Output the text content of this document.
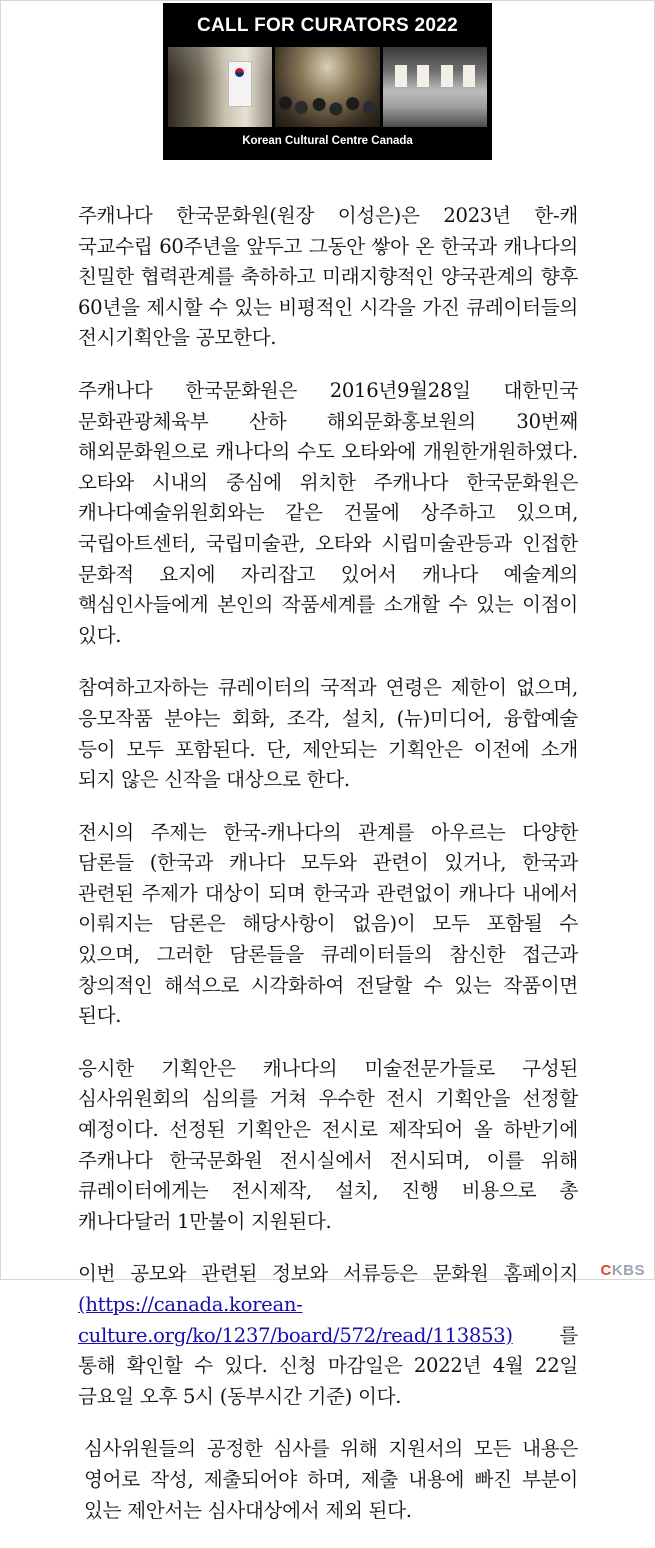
CALL FOR CURATORS 2022
Korean Cultural Centre Canada

주캐나다 한국문화원(원장 이성은)은 2023년 한-캐 국교수립 60주년을 앞두고 그동안 쌓아 온 한국과 캐나다의 친밀한 협력관계를 축하하고 미래지향적인 양국관계의 향후 60년을 제시할 수 있는 비평적인 시각을 가진 큐레이터들의 전시기획안을 공모한다.

주캐나다 한국문화원은 2016년9월28일 대한민국 문화관광체육부 산하 해외문화홍보원의 30번째 해외문화원으로 캐나다의 수도 오타와에 개원한개원하였다. 오타와 시내의 중심에 위치한 주캐나다 한국문화원은 캐나다예술위원회와는 같은 건물에 상주하고 있으며, 국립아트센터, 국립미술관, 오타와 시립미술관등과 인접한 문화적 요지에 자리잡고 있어서 캐나다 예술계의 핵심인사들에게 본인의 작품세계를 소개할 수 있는 이점이 있다.

참여하고자하는 큐레이터의 국적과 연령은 제한이 없으며, 응모작품 분야는 회화, 조각, 설치, (뉴)미디어, 융합예술 등이 모두 포함된다. 단, 제안되는 기획안은 이전에 소개 되지 않은 신작을 대상으로 한다.

전시의 주제는 한국-캐나다의 관계를 아우르는 다양한 담론들 (한국과 캐나다 모두와 관련이 있거나, 한국과 관련된 주제가 대상이 되며 한국과 관련없이 캐나다 내에서 이뤄지는 담론은 해당사항이 없음)이 모두 포함될 수 있으며, 그러한 담론들을 큐레이터들의 참신한 접근과 창의적인 해석으로 시각화하여 전달할 수 있는 작품이면 된다.

응시한 기획안은 캐나다의 미술전문가들로 구성된 심사위원회의 심의를 거쳐 우수한 전시 기획안을 선정할 예정이다. 선정된 기획안은 전시로 제작되어 올 하반기에 주캐나다 한국문화원 전시실에서 전시되며, 이를 위해 큐레이터에게는 전시제작, 설치, 진행 비용으로 총 캐나다달러 1만불이 지원된다.

이번 공모와 관련된 정보와 서류등은 문화원 홈페이지 (https://canada.korean-culture.org/ko/1237/board/572/read/113853) 를 통해 확인할 수 있다. 신청 마감일은 2022년 4월 22일 금요일 오후 5시 (동부시간 기준) 이다.

심사위원들의 공정한 심사를 위해 지원서의 모든 내용은 영어로 작성, 제출되어야 하며, 제출 내용에 빠진 부분이 있는 제안서는 심사대상에서 제외 된다.

CKBS
